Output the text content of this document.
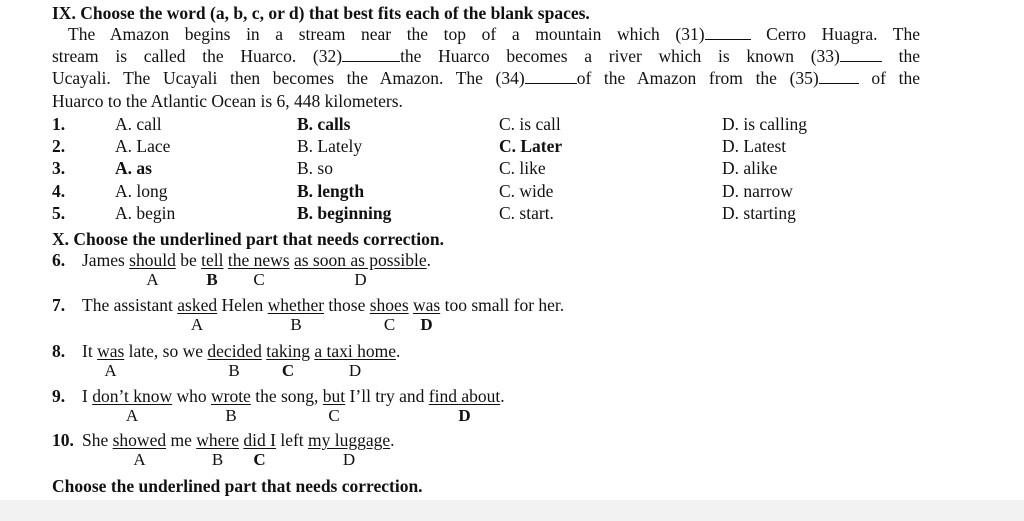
IX. Choose the word (a, b, c, or d) that best fits each of the blank spaces.
The Amazon begins in a stream near the top of a mountain which (31)	Cerro Huagra. The
stream is called the Huarco. (32)	the Huarco becomes a river which is known (33)	the
Ucayali. The Ucayali then becomes the Amazon. The (34)	of the Amazon from the (35)	of the
Huarco to the Atlantic Ocean is 6, 448 kilometers.
1.	A. call	B. calls	C. is call	D. is calling
2.	A. Lace	B. Lately	C. Later	D. Latest
3.	A. as	B. so	C. like	D. alike
4.	A. long	B. length	C. wide	D. narrow
5.	A. begin	B. beginning	C. start.	D. starting
X. Choose the underlined part that needs correction.
6. James should be tell the news as soon as possible.
A	B C	D
7. The assistant asked Helen whether those shoes was too small for her.
A	B	C D
8. It was late, so we decided taking a taxi home.
A	B C	D
9. I don’t know who wrote the song, but I’ll try and find about.
A	B	C	D
10. She showed me where did I left my luggage.
A	B C	D
Choose the underlined part that needs correction.
